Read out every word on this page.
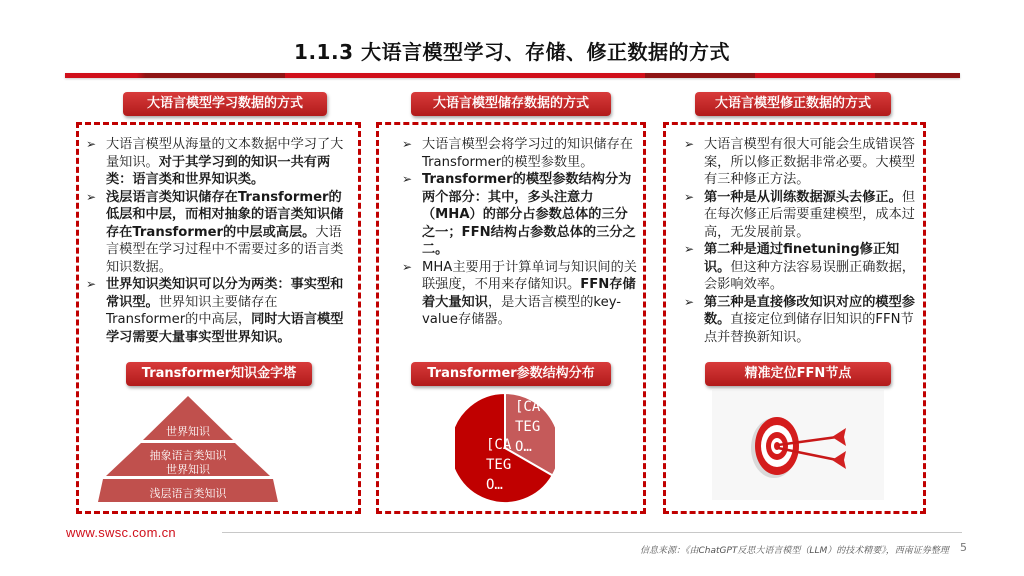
1.1.3 大语言模型学习、存储、修正数据的方式
大语言模型学习数据的方式
➢ 大语言模型从海量的文本数据中学习了大量知识。对于其学习到的知识一共有两类：语言类和世界知识类。
➢ 浅层语言类知识储存在Transformer的低层和中层，而相对抽象的语言类知识储存在Transformer的中层或高层。大语言模型在学习过程中不需要过多的语言类知识数据。
➢ 世界知识类知识可以分为两类：事实型和常识型。世界知识主要储存在Transformer的中高层，同时大语言模型学习需要大量事实型世界知识。
Transformer知识金字塔
世界知识
抽象语言类知识
世界知识
浅层语言类知识
大语言模型储存数据的方式
➢ 大语言模型会将学习过的知识储存在Transformer的模型参数里。
➢ Transformer的模型参数结构分为两个部分：其中，多头注意力（MHA）的部分占参数总体的三分之一；FFN结构占参数总体的三分之二。
➢ MHA主要用于计算单词与知识间的关联强度，不用来存储知识。FFN存储着大量知识，是大语言模型的key-value存储器。
Transformer参数结构分布
[CA
TEG
O…
[CA
TEG
O…
大语言模型修正数据的方式
➢ 大语言模型有很大可能会生成错误答案，所以修正数据非常必要。大模型有三种修正方法。
➢ 第一种是从训练数据源头去修正。但在每次修正后需要重建模型，成本过高，无发展前景。
➢ 第二种是通过finetuning修正知识。但这种方法容易误删正确数据，会影响效率。
➢ 第三种是直接修改知识对应的模型参数。直接定位到储存旧知识的FFN节点并替换新知识。
精准定位FFN节点
www.swsc.com.cn
信息来源：《由ChatGPT反思大语言模型（LLM）的技术精要》，西南证券整理 5
